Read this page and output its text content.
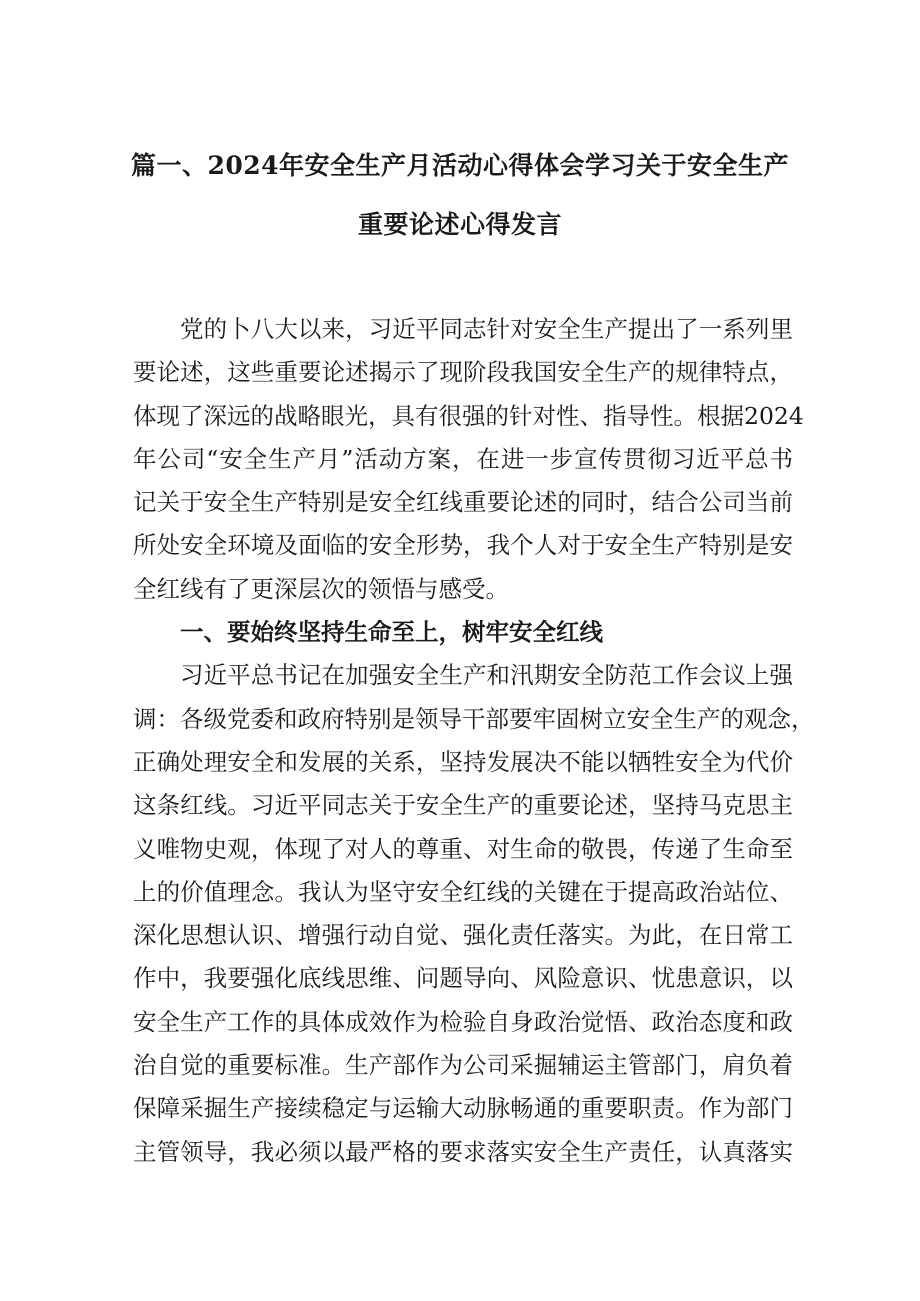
篇一、2024年安全生产月活动心得体会学习关于安全生产
重要论述心得发言
党的卜八大以来，习近平同志针对安全生产提出了一系列里
要论述，这些重要论述揭示了现阶段我国安全生产的规律特点，
体现了深远的战略眼光，具有很强的针对性、指导性。根据2024
年公司“安全生产月”活动方案，在进一步宣传贯彻习近平总书
记关于安全生产特别是安全红线重要论述的同时，结合公司当前
所处安全环境及面临的安全形势，我个人对于安全生产特别是安
全红线有了更深层次的领悟与感受。
一、要始终坚持生命至上，树牢安全红线
习近平总书记在加强安全生产和汛期安全防范工作会议上强
调：各级党委和政府特别是领导干部要牢固树立安全生产的观念，
正确处理安全和发展的关系，坚持发展决不能以牺牲安全为代价
这条红线。习近平同志关于安全生产的重要论述，坚持马克思主
义唯物史观，体现了对人的尊重、对生命的敬畏，传递了生命至
上的价值理念。我认为坚守安全红线的关键在于提高政治站位、
深化思想认识、增强行动自觉、强化责任落实。为此，在日常工
作中，我要强化底线思维、问题导向、风险意识、忧患意识，以
安全生产工作的具体成效作为检验自身政治觉悟、政治态度和政
治自觉的重要标准。生产部作为公司采掘辅运主管部门，肩负着
保障采掘生产接续稳定与运输大动脉畅通的重要职责。作为部门
主管领导，我必须以最严格的要求落实安全生产责任，认真落实
